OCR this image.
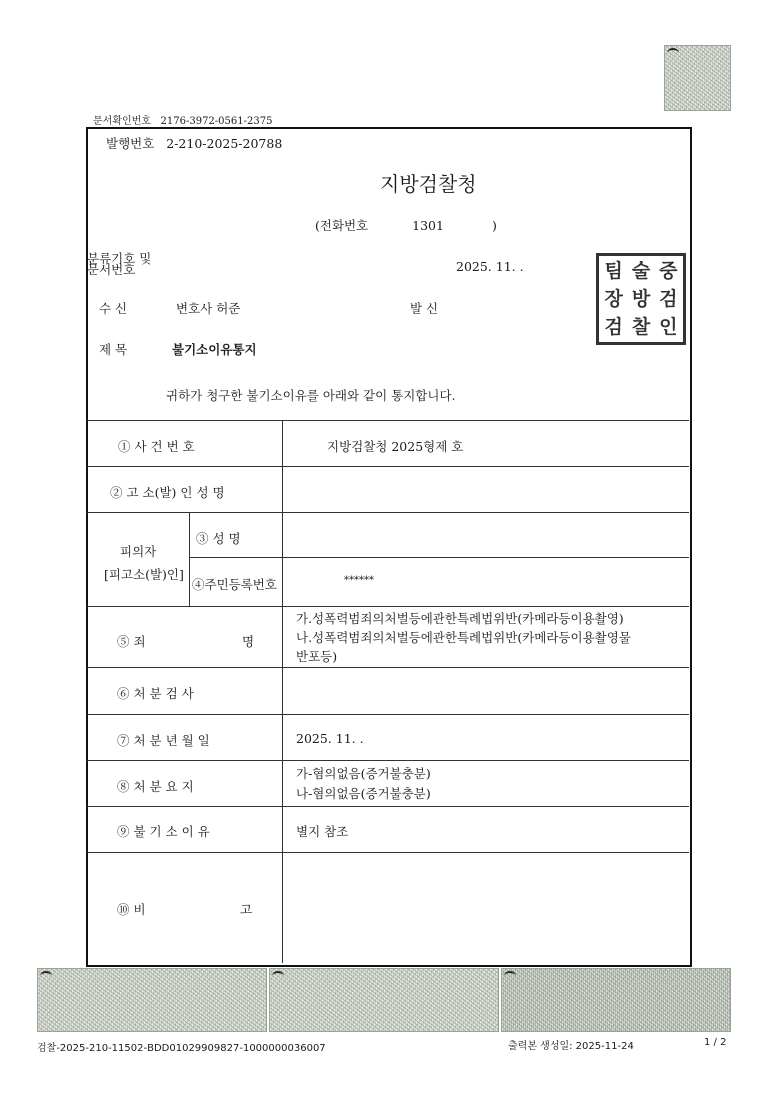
문서확인번호 2176-3972-0561-2375
발행번호 2-210-2025-20788
지방검찰청
(전화번호	1301	)
분류기호 및
문서번호	2025. 11. .
수 신	변호사 허준	발 신
제 목	불기소이유통지
팀 술 중
장 방 검
검 찰 인
귀하가 청구한 불기소이유를 아래와 같이 통지합니다.
① 사 건 번 호	지방검찰청 2025형제 호
② 고 소(발) 인 성 명
피의자
[피고소(발)인]
③ 성 명
④주민등록번호	******
⑤ 죄	명
가.성폭력범죄의처벌등에관한특례법위반(카메라등이용촬영)
나.성폭력범죄의처벌등에관한특례법위반(카메라등이용촬영물
반포등)
⑥ 처 분 검 사
⑦ 처 분 년 월 일	2025. 11. .
⑧ 처 분 요 지
가-혐의없음(증거불충분)
나-혐의없음(증거불충분)
⑨ 불 기 소 이 유	별지 참조
⑩ 비	고
검찰-2025-210-11502-BDD01029909827-1000000036007	출력본 생성일: 2025-11-24	1 / 2
